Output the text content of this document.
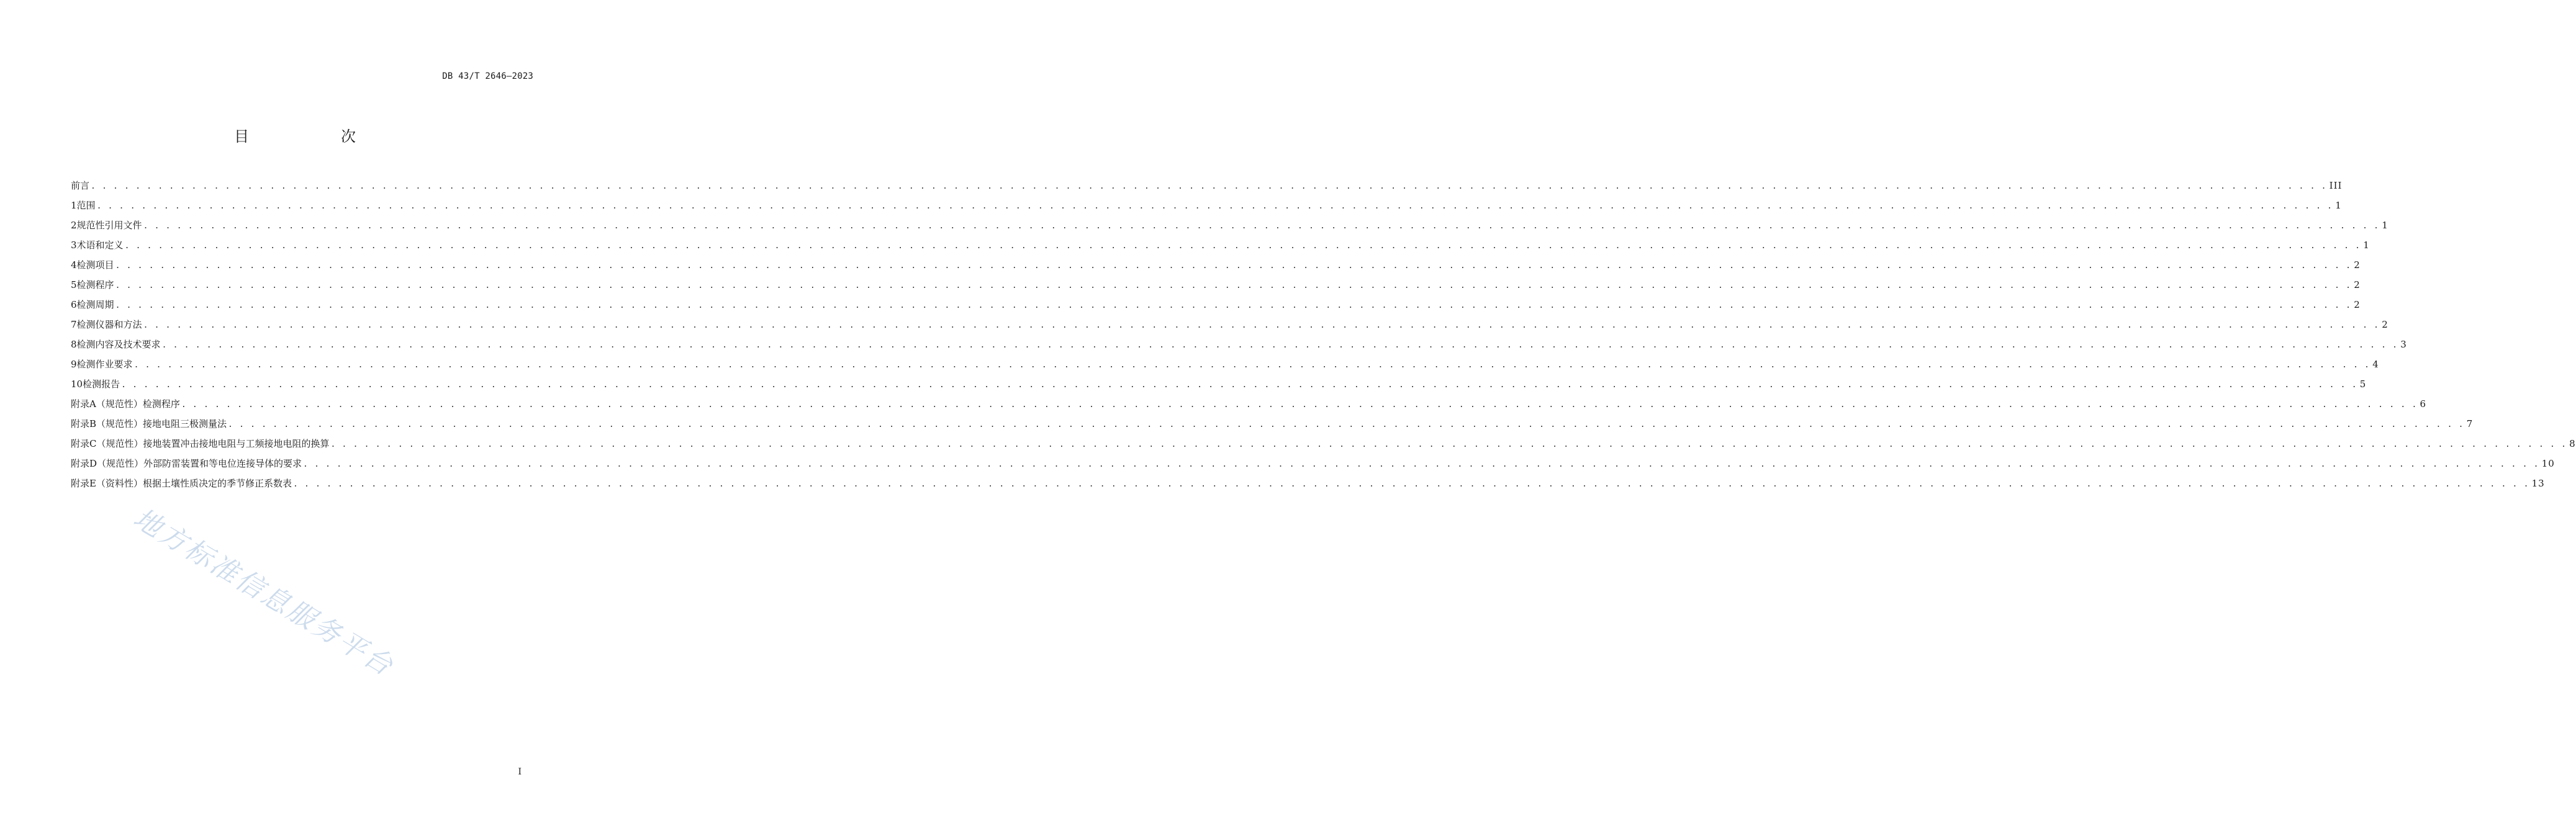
DB 43/T 2646—2023
目　次
前言 . . . . . . . . . . . . . . . . . . . . . . . . . . . . . . . . . . . . . . . . . . . . . . . . . . . . . . . . . . . . . . . . . . . . . . . . . . . . . . . . . . . . . . . . . . . . . . . . . . . . . . . . . . . . . . . . . . . . . . . . . . . . . . . . . . . . . . . . . . . . . . . . . . . . . . . . . . . . . . . . . . . . . . . . . . . . . . . . . . . . . . . . . . . . . . . . . . . . . . . . III
1 范围 . . . . . . . . . . . . . . . . . . . . . . . . . . . . . . . . . . . . . . . . . . . . . . . . . . . . . . . . . . . . . . . . . . . . . . . . . . . . . . . . . . . . . . . . . . . . . . . . . . . . . . . . . . . . . . . . . . . . . . . . . . . . . . . . . . . . . . . . . . . . . . . . . . . . . . . . . . . . . . . . . . . . . . . . . . . . . . . . . . . . . . . . . . . . . . . . . . . . . . . . 1
2 规范性引用文件 . . . . . . . . . . . . . . . . . . . . . . . . . . . . . . . . . . . . . . . . . . . . . . . . . . . . . . . . . . . . . . . . . . . . . . . . . . . . . . . . . . . . . . . . . . . . . . . . . . . . . . . . . . . . . . . . . . . . . . . . . . . . . . . . . . . . . . . . . . . . . . . . . . . . . . . . . . . . . . . . . . . . . . . . . . . . . . . . . . . . . . . . . . . . . . . . . . . . . . . . 1
3 术语和定义 . . . . . . . . . . . . . . . . . . . . . . . . . . . . . . . . . . . . . . . . . . . . . . . . . . . . . . . . . . . . . . . . . . . . . . . . . . . . . . . . . . . . . . . . . . . . . . . . . . . . . . . . . . . . . . . . . . . . . . . . . . . . . . . . . . . . . . . . . . . . . . . . . . . . . . . . . . . . . . . . . . . . . . . . . . . . . . . . . . . . . . . . . . . . . . . . . . . . . . . . 1
4 检测项目 . . . . . . . . . . . . . . . . . . . . . . . . . . . . . . . . . . . . . . . . . . . . . . . . . . . . . . . . . . . . . . . . . . . . . . . . . . . . . . . . . . . . . . . . . . . . . . . . . . . . . . . . . . . . . . . . . . . . . . . . . . . . . . . . . . . . . . . . . . . . . . . . . . . . . . . . . . . . . . . . . . . . . . . . . . . . . . . . . . . . . . . . . . . . . . . . . . . . . . . . 2
5 检测程序 . . . . . . . . . . . . . . . . . . . . . . . . . . . . . . . . . . . . . . . . . . . . . . . . . . . . . . . . . . . . . . . . . . . . . . . . . . . . . . . . . . . . . . . . . . . . . . . . . . . . . . . . . . . . . . . . . . . . . . . . . . . . . . . . . . . . . . . . . . . . . . . . . . . . . . . . . . . . . . . . . . . . . . . . . . . . . . . . . . . . . . . . . . . . . . . . . . . . . . . . 2
6 检测周期 . . . . . . . . . . . . . . . . . . . . . . . . . . . . . . . . . . . . . . . . . . . . . . . . . . . . . . . . . . . . . . . . . . . . . . . . . . . . . . . . . . . . . . . . . . . . . . . . . . . . . . . . . . . . . . . . . . . . . . . . . . . . . . . . . . . . . . . . . . . . . . . . . . . . . . . . . . . . . . . . . . . . . . . . . . . . . . . . . . . . . . . . . . . . . . . . . . . . . . . . 2
7 检测仪器和方法 . . . . . . . . . . . . . . . . . . . . . . . . . . . . . . . . . . . . . . . . . . . . . . . . . . . . . . . . . . . . . . . . . . . . . . . . . . . . . . . . . . . . . . . . . . . . . . . . . . . . . . . . . . . . . . . . . . . . . . . . . . . . . . . . . . . . . . . . . . . . . . . . . . . . . . . . . . . . . . . . . . . . . . . . . . . . . . . . . . . . . . . . . . . . . . . . . . . . . . . . 2
8 检测内容及技术要求 . . . . . . . . . . . . . . . . . . . . . . . . . . . . . . . . . . . . . . . . . . . . . . . . . . . . . . . . . . . . . . . . . . . . . . . . . . . . . . . . . . . . . . . . . . . . . . . . . . . . . . . . . . . . . . . . . . . . . . . . . . . . . . . . . . . . . . . . . . . . . . . . . . . . . . . . . . . . . . . . . . . . . . . . . . . . . . . . . . . . . . . . . . . . . . . . . . . . . . . . 3
9 检测作业要求 . . . . . . . . . . . . . . . . . . . . . . . . . . . . . . . . . . . . . . . . . . . . . . . . . . . . . . . . . . . . . . . . . . . . . . . . . . . . . . . . . . . . . . . . . . . . . . . . . . . . . . . . . . . . . . . . . . . . . . . . . . . . . . . . . . . . . . . . . . . . . . . . . . . . . . . . . . . . . . . . . . . . . . . . . . . . . . . . . . . . . . . . . . . . . . . . . . . . . . . . 4
10 检测报告 . . . . . . . . . . . . . . . . . . . . . . . . . . . . . . . . . . . . . . . . . . . . . . . . . . . . . . . . . . . . . . . . . . . . . . . . . . . . . . . . . . . . . . . . . . . . . . . . . . . . . . . . . . . . . . . . . . . . . . . . . . . . . . . . . . . . . . . . . . . . . . . . . . . . . . . . . . . . . . . . . . . . . . . . . . . . . . . . . . . . . . . . . . . . . . . . . . . . . . . . 5
附录A（规范性） 检测程序 . . . . . . . . . . . . . . . . . . . . . . . . . . . . . . . . . . . . . . . . . . . . . . . . . . . . . . . . . . . . . . . . . . . . . . . . . . . . . . . . . . . . . . . . . . . . . . . . . . . . . . . . . . . . . . . . . . . . . . . . . . . . . . . . . . . . . . . . . . . . . . . . . . . . . . . . . . . . . . . . . . . . . . . . . . . . . . . . . . . . . . . . . . . . . . . . . . . . . . . . 6
附录B（规范性） 接地电阻三极测量法 . . . . . . . . . . . . . . . . . . . . . . . . . . . . . . . . . . . . . . . . . . . . . . . . . . . . . . . . . . . . . . . . . . . . . . . . . . . . . . . . . . . . . . . . . . . . . . . . . . . . . . . . . . . . . . . . . . . . . . . . . . . . . . . . . . . . . . . . . . . . . . . . . . . . . . . . . . . . . . . . . . . . . . . . . . . . . . . . . . . . . . . . . . . . . . . . . . . . . . . . 7
附录C（规范性） 接地装置冲击接地电阻与工频接地电阻的换算 . . . . . . . . . . . . . . . . . . . . . . . . . . . . . . . . . . . . . . . . . . . . . . . . . . . . . . . . . . . . . . . . . . . . . . . . . . . . . . . . . . . . . . . . . . . . . . . . . . . . . . . . . . . . . . . . . . . . . . . . . . . . . . . . . . . . . . . . . . . . . . . . . . . . . . . . . . . . . . . . . . . . . . . . . . . . . . . . . . . . . . . . . . . . . . . . . . . . . . . . 8
附录D（规范性） 外部防雷装置和等电位连接导体的要求 . . . . . . . . . . . . . . . . . . . . . . . . . . . . . . . . . . . . . . . . . . . . . . . . . . . . . . . . . . . . . . . . . . . . . . . . . . . . . . . . . . . . . . . . . . . . . . . . . . . . . . . . . . . . . . . . . . . . . . . . . . . . . . . . . . . . . . . . . . . . . . . . . . . . . . . . . . . . . . . . . . . . . . . . . . . . . . . . . . . . . . . . . . . . . . . . . . . . . . . . 10
附录E（资料性） 根据土壤性质决定的季节修正系数表 . . . . . . . . . . . . . . . . . . . . . . . . . . . . . . . . . . . . . . . . . . . . . . . . . . . . . . . . . . . . . . . . . . . . . . . . . . . . . . . . . . . . . . . . . . . . . . . . . . . . . . . . . . . . . . . . . . . . . . . . . . . . . . . . . . . . . . . . . . . . . . . . . . . . . . . . . . . . . . . . . . . . . . . . . . . . . . . . . . . . . . . . . . . . . . . . . . . . . . . . 13
地方标准信息服务平台
I
